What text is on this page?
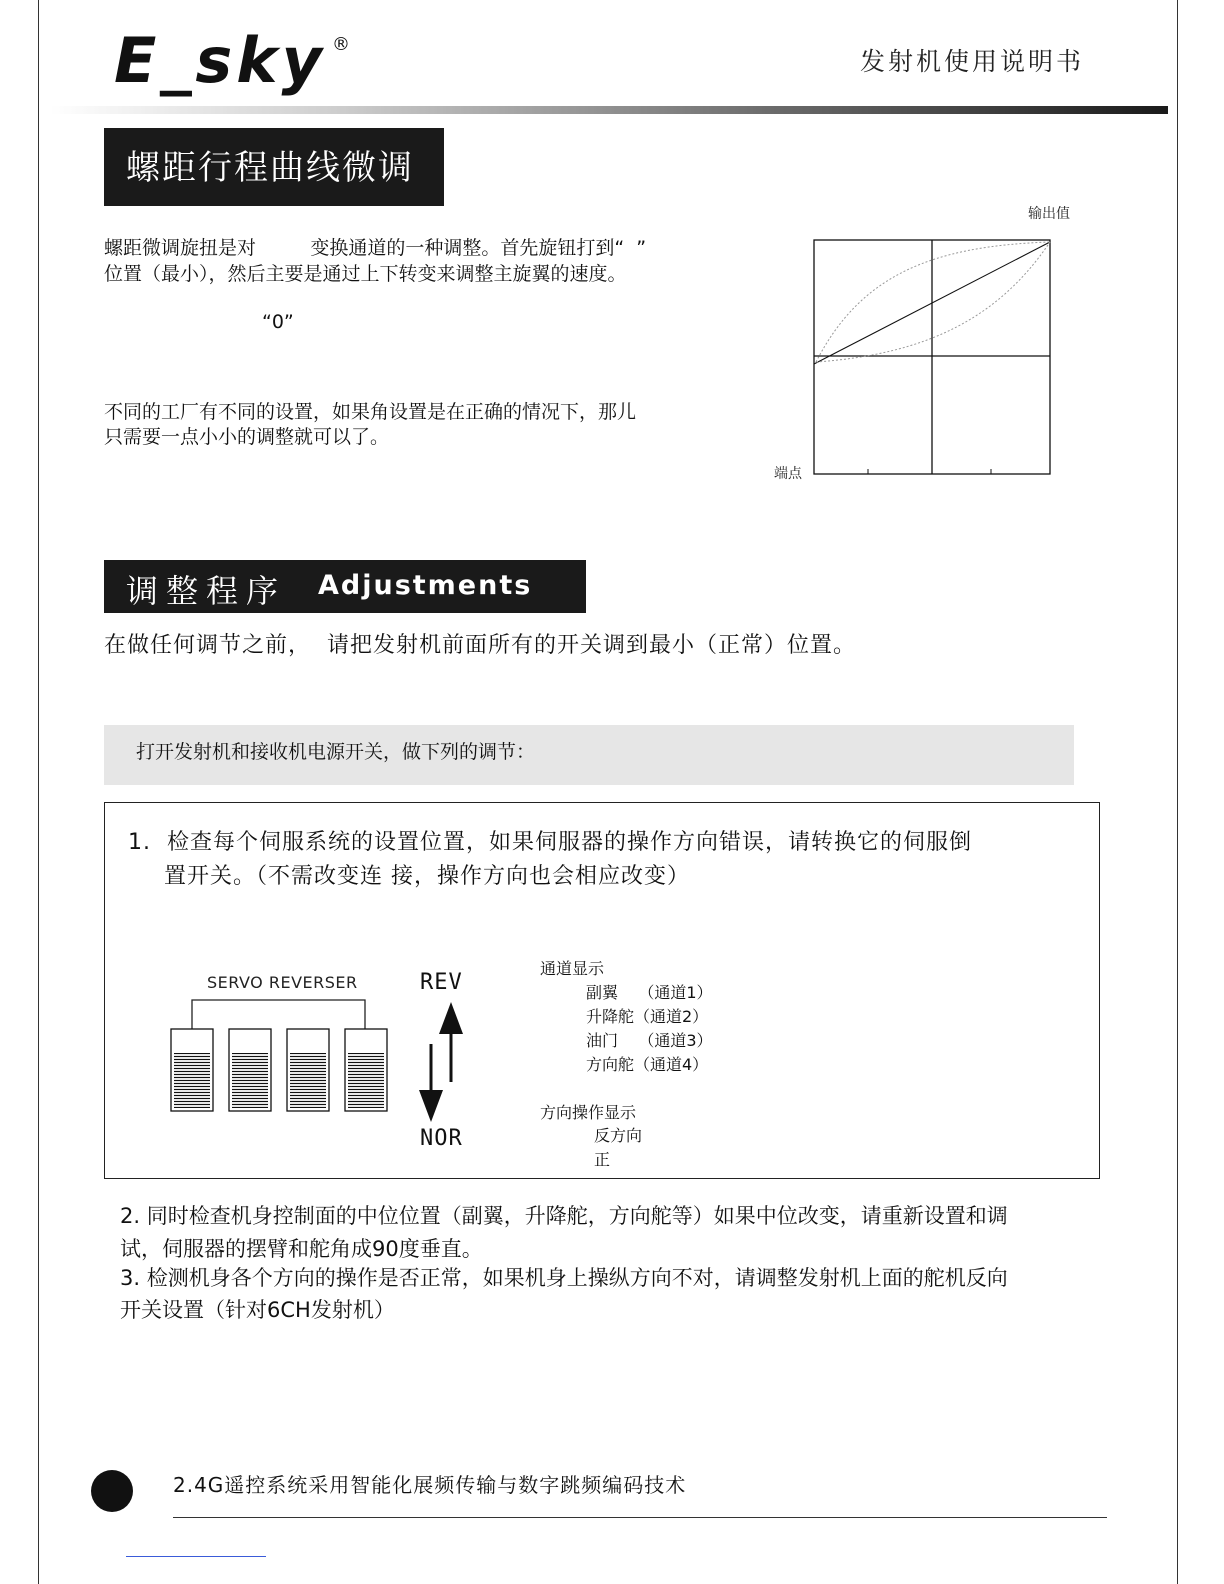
E_sky ®
发射机使用说明书
螺距行程曲线微调
螺距微调旋扭是对         变换通道的一种调整。首先旋钮打到“  ”
位置（最小），然后主要是通过上下转变来调整主旋翼的速度。
“0”
不同的工厂有不同的设置，如果角设置是在正确的情况下，那儿
只需要一点小小的调整就可以了。
输出值
端点
调整程序 Adjustments
在做任何调节之前，  请把发射机前面所有的开关调到最小（正常）位置。
打开发射机和接收机电源开关，做下列的调节：
1.  检查每个伺服系统的设置位置，如果伺服器的操作方向错误，请转换它的伺服倒
置开关。（不需改变连 接，操作方向也会相应改变）
SERVO REVERSER	REV
NOR
通道显示
副翼    （通道1）
升降舵（通道2）
油门    （通道3）
方向舵（通道4）
方向操作显示
反方向
正
2. 同时检查机身控制面的中位位置（副翼，升降舵，方向舵等）如果中位改变，请重新设置和调
试，伺服器的摆臂和舵角成90度垂直。
3. 检测机身各个方向的操作是否正常，如果机身上操纵方向不对，请调整发射机上面的舵机反向
开关设置（针对6CH发射机）
2.4G遥控系统采用智能化展频传输与数字跳频编码技术
